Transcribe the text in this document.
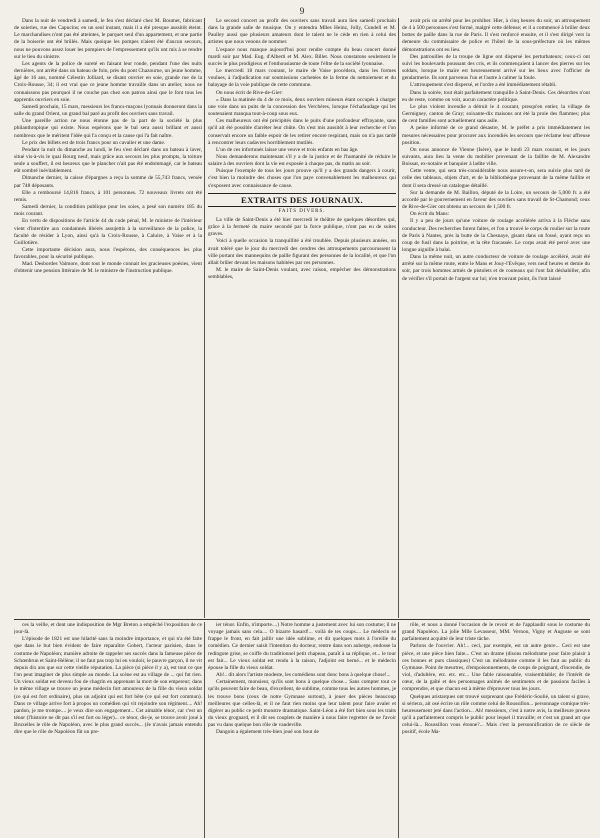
9

Dans la nuit de vendredi à samedi, le feu s'est déclaré chez M. Boumet, fabricant de soieries, rue des Capucins; en un seul instant, mais il a été presque aussitôt éteint. Le marchandises n'ont pas été atteintes, le parquet seul d'un appartement, et une partie de la boiserie ont été brûlés. Mais quoique les pompes n'aient été d'aucun secours, nous ne pouvons assez louer les pompiers de l'empressement qu'ils ont mis à se rendre sur le lieu du sinistre.

Les agents de la police de sureté en faisant leur ronde, pendant l'une des nuits dernières, ont arrêté dans un bateau de foin, près du pont Chazourne, un jeune homme, âgé de 16 ans, nommé Célestin Jolliard, se disant ouvrier en soie, grande rue de la Croix-Rousse, 34; il est vrai que ce jeune homme travaille dans un atelier, nous ne connaissons pas pourquoi il ne couche pas chez son patron ainsi que le font tous les apprentis ouvriers en soie.

Samedi prochain, 15 mars, messieurs les francs-maçons lyonnais donneront dans la salle du grand Orient, un grand bal paré au profit des ouvriers sans travail.

Une pareille action ne nous étonne pas de la part de la société la plus philanthropique qui existe. Nous espérons que le bal sera aussi brillant et aussi nombreux que le méritent l'idée qui l'a conçu et la cause qui l'a fait naître.

Le prix des billets est de trois francs pour un cavalier et une dame.

Pendant la nuit du dimanche au lundi, le feu s'est déclaré dans un bateau à laver, situé vis-à-vis le quai Bourg neuf, mais grâce aux secours les plus prompts, la toiture seule a souffert, il est heureux que le plancher n'ait pas été endommagé, car le bateau eût sombré inévitablement.

Dimanche dernier, la caisse d'épargnes a reçu la somme de 55,743 francs, versée par 748 déposants.

Elle a remboursé 14,816 francs, à 101 personnes. 72 nouveaux livrets ont été remis.

Samedi dernier, la condition publique pour les soies, a pesé son numéro 185 du mois courant.

En vertu de dispositions de l'article 44 du code pénal, M. le ministre de l'intérieur vient d'interdire aux condamnés libérés assujettis à la surveillance de la police, la faculté de résider à Lyon, ainsi qu'à la Croix-Rousse, à Caluire, à Vaise et à la Guillotière.

Cette importante décision aura, nous l'espérons, des conséquences les plus favorables, pour la sécurité publique.

Mad. Desbordes Valmore, dont tout le monde connait les gracieuses poésies, vient d'obtenir une pension littéraire de M. le ministre de l'instruction publique.

Le second concert au profit des ouvriers sans travail aura lieu samedi prochain dans la grande salle de musique. On y entendra Mlles Heinz, Jolly, Cundell et M. Paulley aussi que plusieurs amateurs dont le talent ne le cède en rien à celui des artistes que nous venons de nommer.

L'espace nous manque aujourd'hui pour rendre compte du beau concert donné mardi soir par Mad. Eug. d'Alberti et M. Alex. Billet. Nous constatons seulement le succès le plus prodigieux et l'enthousiasme de toute l'élite de la société lyonnaise.

Le mercredi 18 mars courant, le maire de Vaise procédera, dans les formes voulues, à l'adjudication sur soumissions cachetées de la ferme du nettoiement et du balayage de la voie publique de cette commune.

On nous écrit de Rive-de-Gier:

« Dans la matinée du 4 de ce mois, deux ouvriers mineurs étant occupés à charger une voie dans un puits de la concession des Verchères, lorsque l'échafaudage qui les soutenaient manqua tout-à-coup sous eux.

Ces malheureux ont été précipités dans le puits d'une profondeur effrayante, sans qu'il ait été possible d'arrêter leur chûte. On s'est mis aussitôt à leur recherche et l'on conservait encore un faible espoir de les retirer encore respirant, mais on n'a pas tardé à rencontrer leurs cadavres horriblement mutilés.

L'un de ces infortunés laisse une veuve et trois enfants en bas âge.

Nous demanderons maintenant s'il y a de la justice et de l'humanité de réduire le salaire à des ouvriers dont la vie est exposée à chaque pas, du matin au soir.

Puisque l'exemple de tous les jours prouve qu'il y a des grands dangers à courir, c'est bien la moindre des choses que l'on paye convenablement les malheureux qui s'exposent avec connaissance de cause.

EXTRAITS DES JOURNAUX.
FAITS DIVERS.

La ville de Saint-Denis a été hier mercredi le théâtre de quelques désordres qui, grâce à la fermeté du maire secondé par la force publique, n'ont pas eu de suites graves.

Voici à quelle occasion la tranquillité a été troublée. Depuis plusieurs années, on avait toléré que le jour du mercredi des cendres des attroupements parcourussent la ville portant des mannequins de paille figurant des personnes de la localité, et que l'on allait brûler devant les maisons habitées par ces personnes.

M. le maire de Saint-Denis voulant, avec raison, empêcher des démonstrations semblables,

avait pris un arrêté pour les prohiber. Hier, à cinq heures du soir, un attroupement de 4 à 500 personnes s'est formé, malgré cette défense; et il a commencé à brûler deux bottes de paille dans la rue de Paris. Il s'est renforcé ensuite, et il s'est dirigé vers la demeure du commissaire de police et l'hôtel de la sous-préfecture où les mêmes démonstrations ont eu lieu.

Des patrouilles de la troupe de ligne ont dispersé les perturbateurs; ceux-ci ont suivi les boulevards poussant des cris, et ils commençaient à lancer des pierres sur les soldats, lorsque le maire est heureusement arrivé sur les lieux avec l'officier de gendarmerie. Ils sont parvenus l'un et l'autre à calmer la foule.

L'attroupement s'est dispersé, et l'ordre a été immédiatement rétabli.

Dans la soirée, tout était parfaitement tranquille à Saint-Denis. Ces désordres n'ont eu de reste, comme on voit, aucun caractère politique.

Le plus violent incendie a détruit le 4 courant, presqu'en entier, la village de Germigney, canton de Gray; soixante-dix maisons ont été la proie des flammes; plus de cent familles sont actuellement sans asile.

A peine informé de ce grand désastre, M. le préfet a pris immédiatement les mesures nécessaires pour procurer aux incendiés les secours que réclame leur affreuse position.

On nous annonce de Vienne (Isère), que le lundi 23 mars courant, et les jours suivants, aura lieu la vente du mobilier provenant de la faillite de M. Alexandre Boissat, ex-notaire et banquier à ladite ville.

Cette vente, qui sera très-considérable nous assure-t-on, sera suivie plus tard de celle des tableaux, objets d'art, et de la bibliothèque provenant de la même faillite et dont il sera dressé un catalogue détaillé.

Sur la demande de M. Baillon, député de la Loire, un secours de 5,000 fr. a été accordé par le gouvernement en faveur des ouvriers sans travail de St-Chamond; ceux de Rive-de-Gier ont obtenu un secours de 1,500 fr.

On écrit du Mans:

Il y a peu de jours qu'une voiture de roulage accélérée arriva à la Flèche sans conducteur. Des recherches furent faites, et l'on a trouvé le corps du roulier sur la route de Paris à Nantes, près la butte de la Chesnaye, gisant dans un fossé, ayant reçu un coup de fusil dans la poitrine, et la tête fracassée. Le corps avait été percé avec une longue aiguille à balai.

Dans la même nuit, un autre conducteur de voiture de roulage accéléré, avait été arrêté sur la même route, entre le Mans et Jouy-l'Evêque, vers neuf heures et demie du soir, par trois hommes armés de pistolets et de couteaux qui l'ont fait déshabiller, afin de vérifier s'il portait de l'argent sur lui; n'en trouvant point, ils l'ont laissé

ces la veille, et dont une indisposition de Mgr Breton a empêché l'exposition de ce jour-là.

L'épisode de 1821 est une hilarité sans la moindre importance, et qui n'a été faite que dans le but bien évident de faire reparaître Gobert, l'acteur parisien, dans le costume de Napoléon; manière adroite de rappeler ses succès dans la fameuse pièce de Schœnbrun et Saint-Hélène; il ne faut pas trop lui en vouloir, le pauvre garçon, il ne vit depuis dix ans que sur cette vieille réputation. La pièce (si pièce il y a), est tout ce que l'on peut imaginer de plus simple au monde. La scène est au village de ... qui fut rien. Un vieux soldat est devenu fou de chagrin en apprenant la mort de son empereur; dans le même village se trouve un jeune médecin fort amoureux de la fille du vieux soldat (ce qui est fort ordinaire), plus un adjoint qui est fort bête (ce qui est fort commun). Dans ce village arrive fort à propos un comédien qui vit rejoindre son régiment.... Ah! pardon, je me trompe.... je veux dire son engagement... Cet aimable ténor, car c'est un ténor (l'histoire ne dit pas s'il est fort ou léger)... ce ténor, dis-je, se trouve avoir joué à Bruxelles le rôle de Napoléon, avec le plus grand succès... (Je n'avais jamais entendu dire que le rôle de Napoléon fût un pre-

ier ténor. Enfin, n'importe....) Notre homme a justement avec lui son costume; il ne voyage jamais sans cela.... O bizarre hasard!... voilà de tes coups.... Le médecin se frappe le front, en fait jaillir une idée sublime, et dit quelques mots à l'oreille du comédien. Ce dernier saisit l'intention du docteur, rentre dans son auberge, endosse la redingote grise, se coiffe du traditionnel petit chapeau, paraît à sa réplique, et... le tour est fait... Le vieux soldat est rendu à la raison, l'adjoint est berné... et le médecin épouse la fille du vieux soldat.

Ah!.. dit alors l'artiste modeste, les comédiens sont donc bons à quelque chose!...

Certainement, monsieur, qu'ils sont bons à quelque chose... Sans compter tout ce qu'ils peuvent faire de beau, d'excellent, de sublime, comme tous les autres hommes, je les trouve bons (ceux de notre Gymnase surtout), à jouer des pièces beaucoup meilleures que celles-là, et il ne faut rien moins que leur talent pour faire avaler et digérer au public ce petit monstre dramatique. Saint-Léon a été fort bien sous les traits du vieux grognard, et il dit ses couplets de manière à nous faire regretter de ne l'avoir pas vu dans quelque bon rôle de vaudeville.

Dangoin a également très-bien joué son bout de

rôle, et nous a donné l'occasion de le revoir et de l'applaudir sous le costume du grand Napoléon. La jolie Mlle Levasseur, MM. Vernon, Vigny et Auguste se sont parfaitement acquitté de leur triste tâche.

Parlons de l'ouvrier. Ah!... ceci, par exemple, est un autre genre... Ceci est une pièce, et une pièce bien faite... C'est un drame (disons mélodrame pour faire plaisir à ces bonnes et purs classiques) C'est un mélodrame comme il les faut au public du Gymnase. Point de meurtres, d'empoisonnements, de coups de poignard, d'incendie, de viol, d'adultère, etc. etc. etc... Une fable raisonnable, vraisemblable; de l'intérêt de cœur, de la gaîté et des personnages animés de sentiments et de passions faciles à comprendre, et que chacun est à même d'éprouver tous les jours.

Quelques aristarques ont trouvé surprenant que Frédéric-Soulié, un talent si grave, si sérieux, ait osé écrire un rôle comme celui de Roussillon... personnage comique très-heureusement jeté dans l'action... Ah! messieurs, c'est à notre avis, la meilleure preuve qu'il a parfaitement compris le public pour lequel il travaille; et c'est un grand art que celui-là... Roussillon vous étonne?... Mais c'est la personnification de ce siècle de positif, école Ma-
